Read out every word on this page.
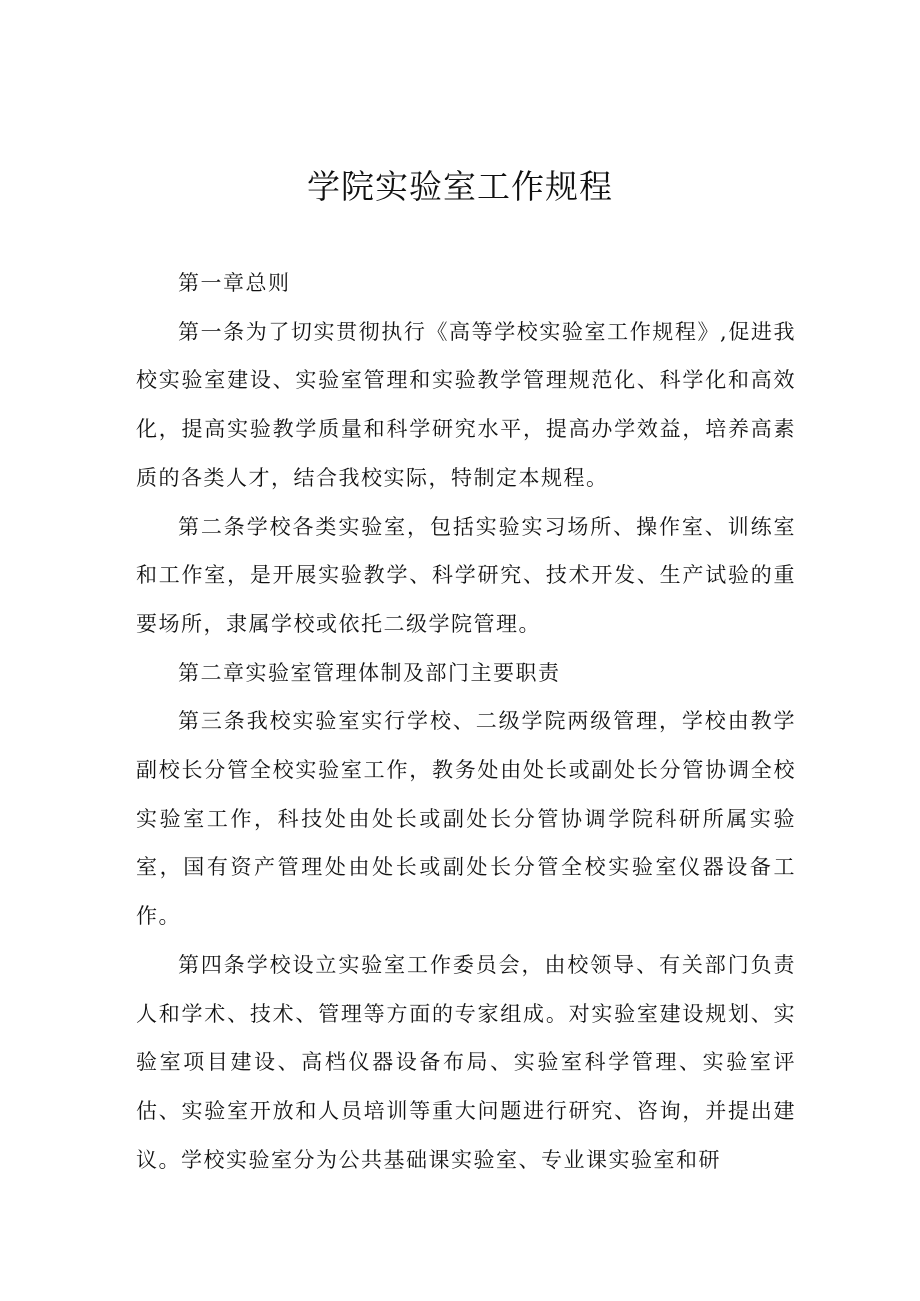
学院实验室工作规程

第一章总则

第一条为了切实贯彻执行《高等学校实验室工作规程》,促进我校实验室建设、实验室管理和实验教学管理规范化、科学化和高效化，提高实验教学质量和科学研究水平，提高办学效益，培养高素质的各类人才，结合我校实际，特制定本规程。

第二条学校各类实验室，包括实验实习场所、操作室、训练室和工作室，是开展实验教学、科学研究、技术开发、生产试验的重要场所，隶属学校或依托二级学院管理。

第二章实验室管理体制及部门主要职责

第三条我校实验室实行学校、二级学院两级管理，学校由教学副校长分管全校实验室工作，教务处由处长或副处长分管协调全校实验室工作，科技处由处长或副处长分管协调学院科研所属实验室，国有资产管理处由处长或副处长分管全校实验室仪器设备工作。

第四条学校设立实验室工作委员会，由校领导、有关部门负责人和学术、技术、管理等方面的专家组成。对实验室建设规划、实验室项目建设、高档仪器设备布局、实验室科学管理、实验室评估、实验室开放和人员培训等重大问题进行研究、咨询，并提出建议。学校实验室分为公共基础课实验室、专业课实验室和研
